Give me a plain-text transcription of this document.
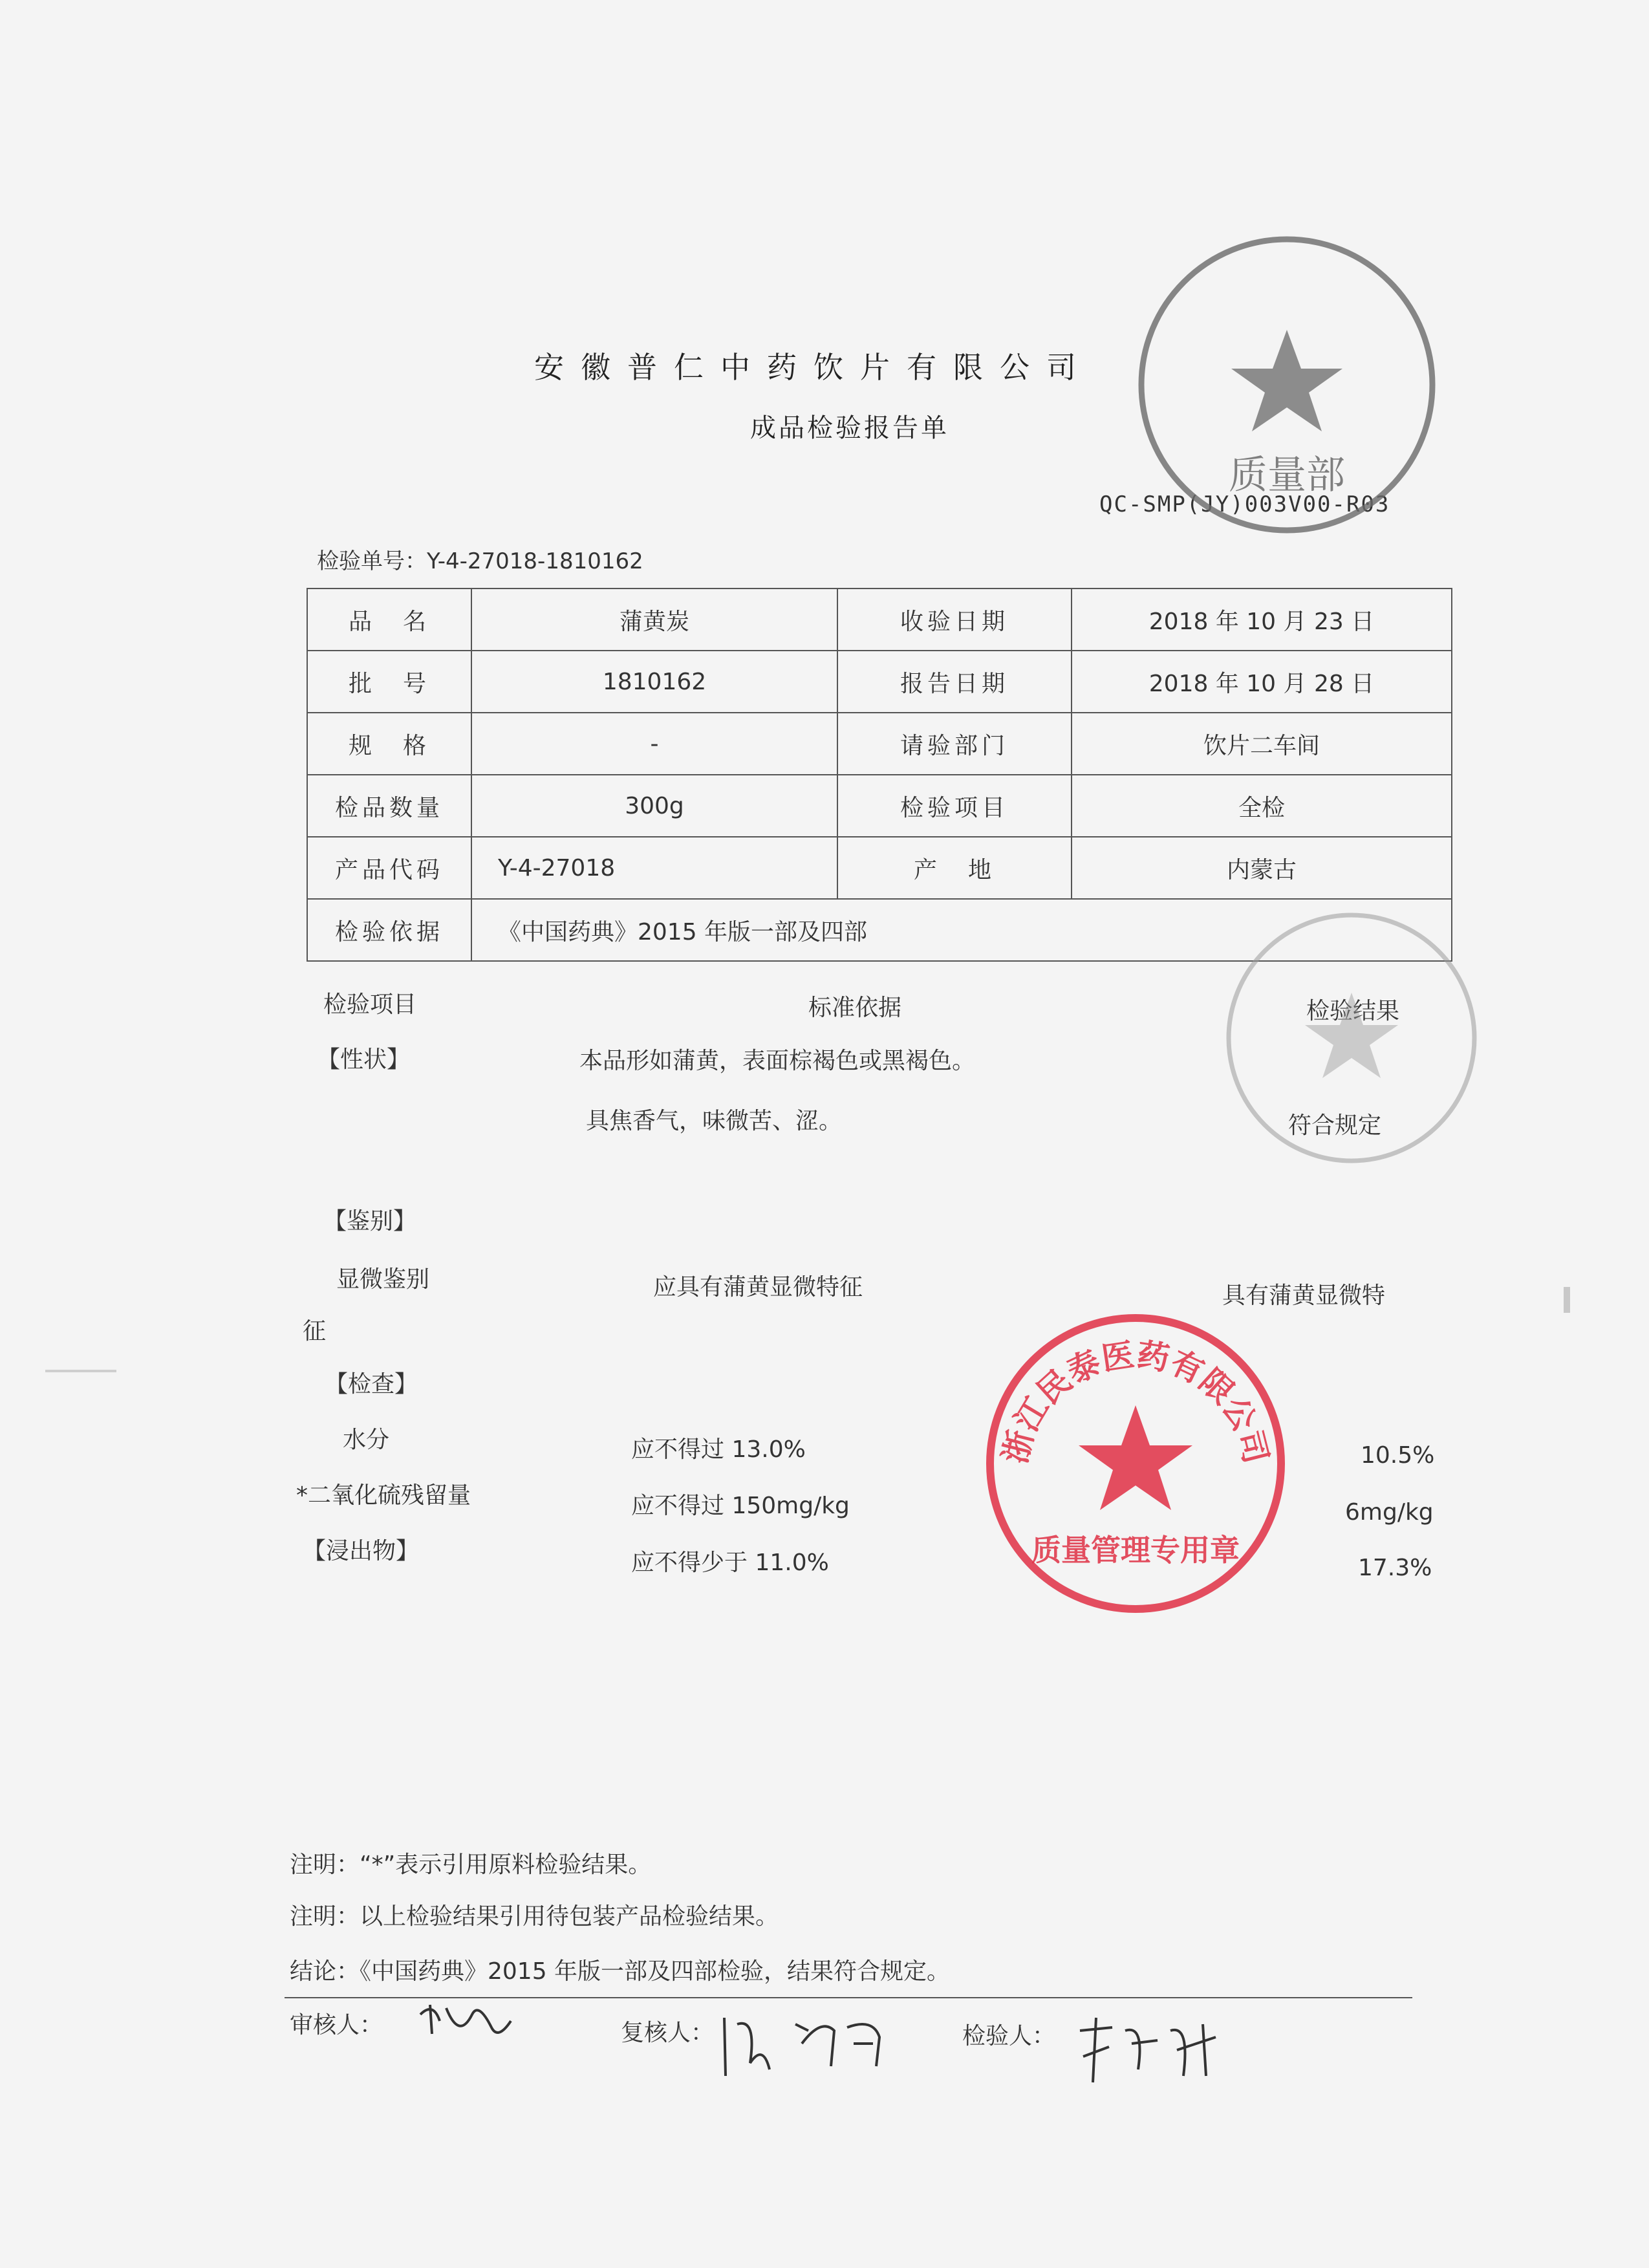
安徽普仁中药饮片有限公司
成品检验报告单
QC-SMP(JY)003V00-R03
检验单号：Y-4-27018-1810162
品　名	蒲黄炭	收验日期	2018 年 10 月 23 日
批　号	1810162	报告日期	2018 年 10 月 28 日
规　格	-	请验部门	饮片二车间
检品数量	300g	检验项目	全检
产品代码	Y-4-27018	产　地	内蒙古
检验依据	《中国药典》2015 年版一部及四部		
检验项目	标准依据	检验结果
【性状】	本品形如蒲黄，表面棕褐色或黑褐色。
具焦香气，味微苦、涩。	符合规定
【鉴别】
显微鉴别	应具有蒲黄显微特征	具有蒲黄显微特
征
【检查】
水分	应不得过 13.0%	10.5%
*二氧化硫残留量	应不得过 150mg/kg	6mg/kg
【浸出物】	应不得少于 11.0%	17.3%
注明：“*”表示引用原料检验结果。
注明：以上检验结果引用待包装产品检验结果。
结论：《中国药典》2015 年版一部及四部检验，结果符合规定。
审核人：	复核人：	检验人：
质量部
浙江民泰医药有限公司
质量管理专用章
